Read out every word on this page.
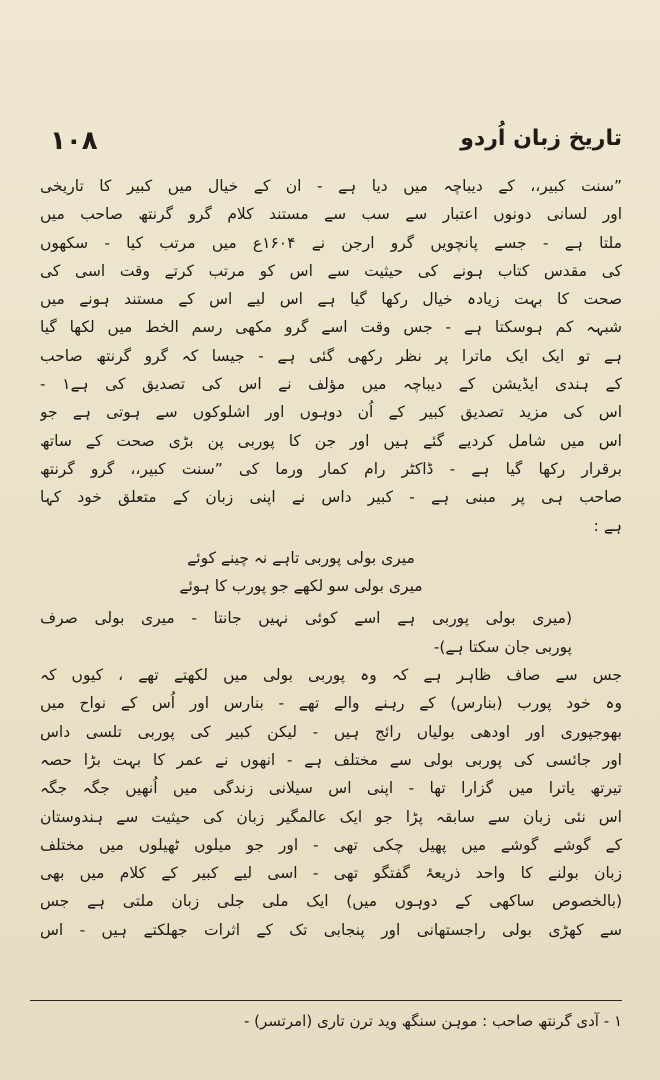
١٠٨	تاریخ زبان اُردو
”سنت کبیر،، کے دیباچہ میں دیا ہے - ان کے خیال میں کبیر کا تاریخی
اور لسانی دونوں اعتبار سے سب سے مستند کلام گرو گرنتھ صاحب میں
ملتا ہے - جسے پانچویں گرو ارجن نے ۱۶۰۴ع میں مرتب کیا - سکھوں
کی مقدس کتاب ہونے کی حیثیت سے اس کو مرتب کرتے وقت اسی کی
صحت کا بہت زیادہ خیال رکھا گیا ہے اس لیے اس کے مستند ہونے میں
شبہہ کم ہوسکتا ہے - جس وقت اسے گرو مکھی رسم الخط میں لکھا گیا
ہے تو ایک ایک ماترا پر نظر رکھی گئی ہے - جیسا کہ گرو گرنتھ صاحب
کے ہندی ایڈیشن کے دیباچہ میں مؤلف نے اس کی تصدیق کی ہے۱ -
اس کی مزید تصدیق کبیر کے اُن دوہوں اور اشلوکوں سے ہوتی ہے جو
اس میں شامل کردیے گئے ہیں اور جن کا پوربی پن بڑی صحت کے ساتھ
برقرار رکھا گیا ہے - ڈاکٹر رام کمار ورما کی ”سنت کبیر،، گرو گرنتھ
صاحب ہی پر مبنی ہے - کبیر داس نے اپنی زبان کے متعلق خود کہا
ہے :
میری بولی پوربی تاہے نہ چینے کوئے
میری بولی سو لکھے جو پورب کا ہوئے
(میری بولی پوربی ہے اسے کوئی نہیں جانتا - میری بولی صرف
پوربی جان سکتا ہے)-
جس سے صاف ظاہر ہے کہ وہ پوربی بولی میں لکھتے تھے ، کیوں کہ
وہ خود پورب (بنارس) کے رہنے والے تھے - بنارس اور اُس کے نواح میں
بھوجپوری اور اودھی بولیاں رائج ہیں - لیکن کبیر کی پوربی تلسی داس
اور جائسی کی پوربی بولی سے مختلف ہے - انھوں نے عمر کا بہت بڑا حصہ
تیرتھ یاترا میں گزارا تھا - اپنی اس سیلانی زندگی میں اُنھیں جگہ جگہ
اس نئی زبان سے سابقہ پڑا جو ایک عالمگیر زبان کی حیثیت سے ہندوستان
کے گوشے گوشے میں پھیل چکی تھی - اور جو میلوں ٹھیلوں میں مختلف
زبان بولنے کا واحد ذریعۂ گفتگو تھی - اسی لیے کبیر کے کلام میں بھی
(بالخصوص ساکھی کے دوہوں میں) ایک ملی جلی زبان ملتی ہے جس
سے کھڑی بولی راجستھانی اور پنجابی تک کے اثرات جھلکتے ہیں - اس
۱ - آدی گرنتھ صاحب : موہن سنگھ وید ترن تاری (امرتسر) -
